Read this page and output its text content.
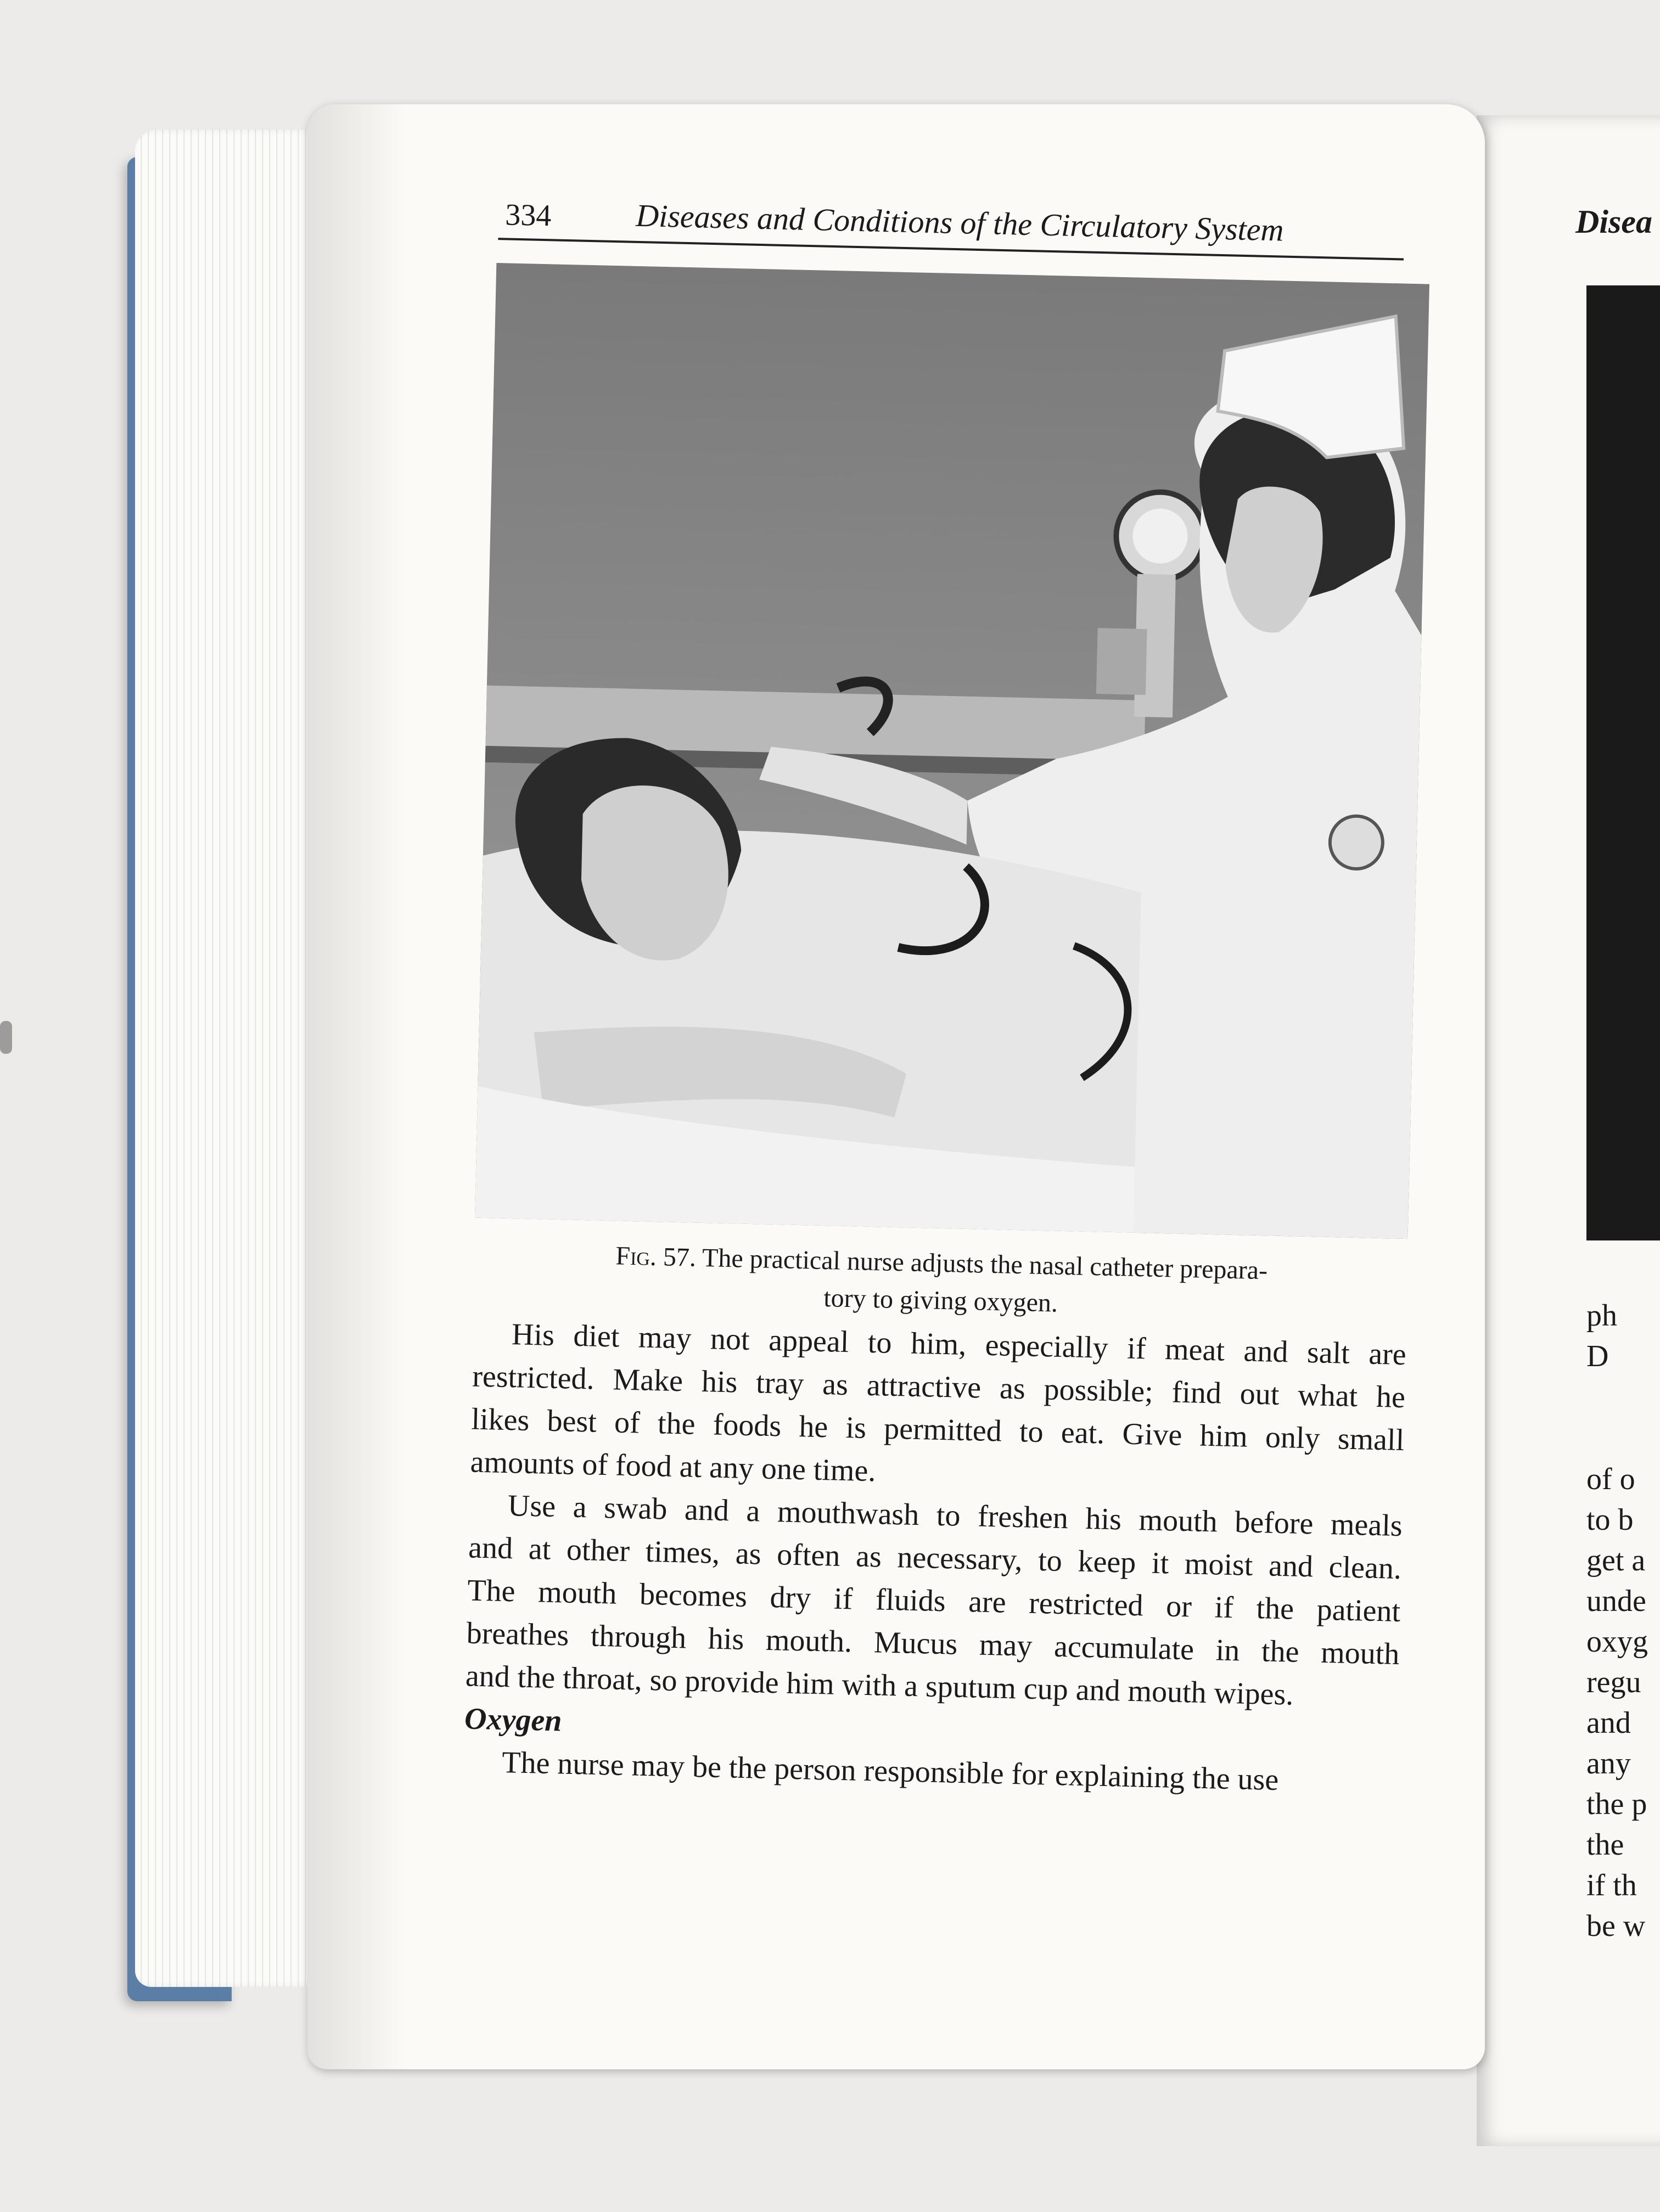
Disea
ph
D
of o
to b
get a
unde
oxyg
regu
and
any
the p
the
if th
be w
334	Diseases and Conditions of the Circulatory System
Fig. 57. The practical nurse adjusts the nasal catheter prepara-
tory to giving oxygen.
His diet may not appeal to him, especially if meat and salt are
restricted. Make his tray as attractive as possible; find out what he
likes best of the foods he is permitted to eat. Give him only small
amounts of food at any one time.
Use a swab and a mouthwash to freshen his mouth before meals
and at other times, as often as necessary, to keep it moist and clean.
The mouth becomes dry if fluids are restricted or if the patient
breathes through his mouth. Mucus may accumulate in the mouth
and the throat, so provide him with a sputum cup and mouth wipes.
Oxygen
The nurse may be the person responsible for explaining the use
